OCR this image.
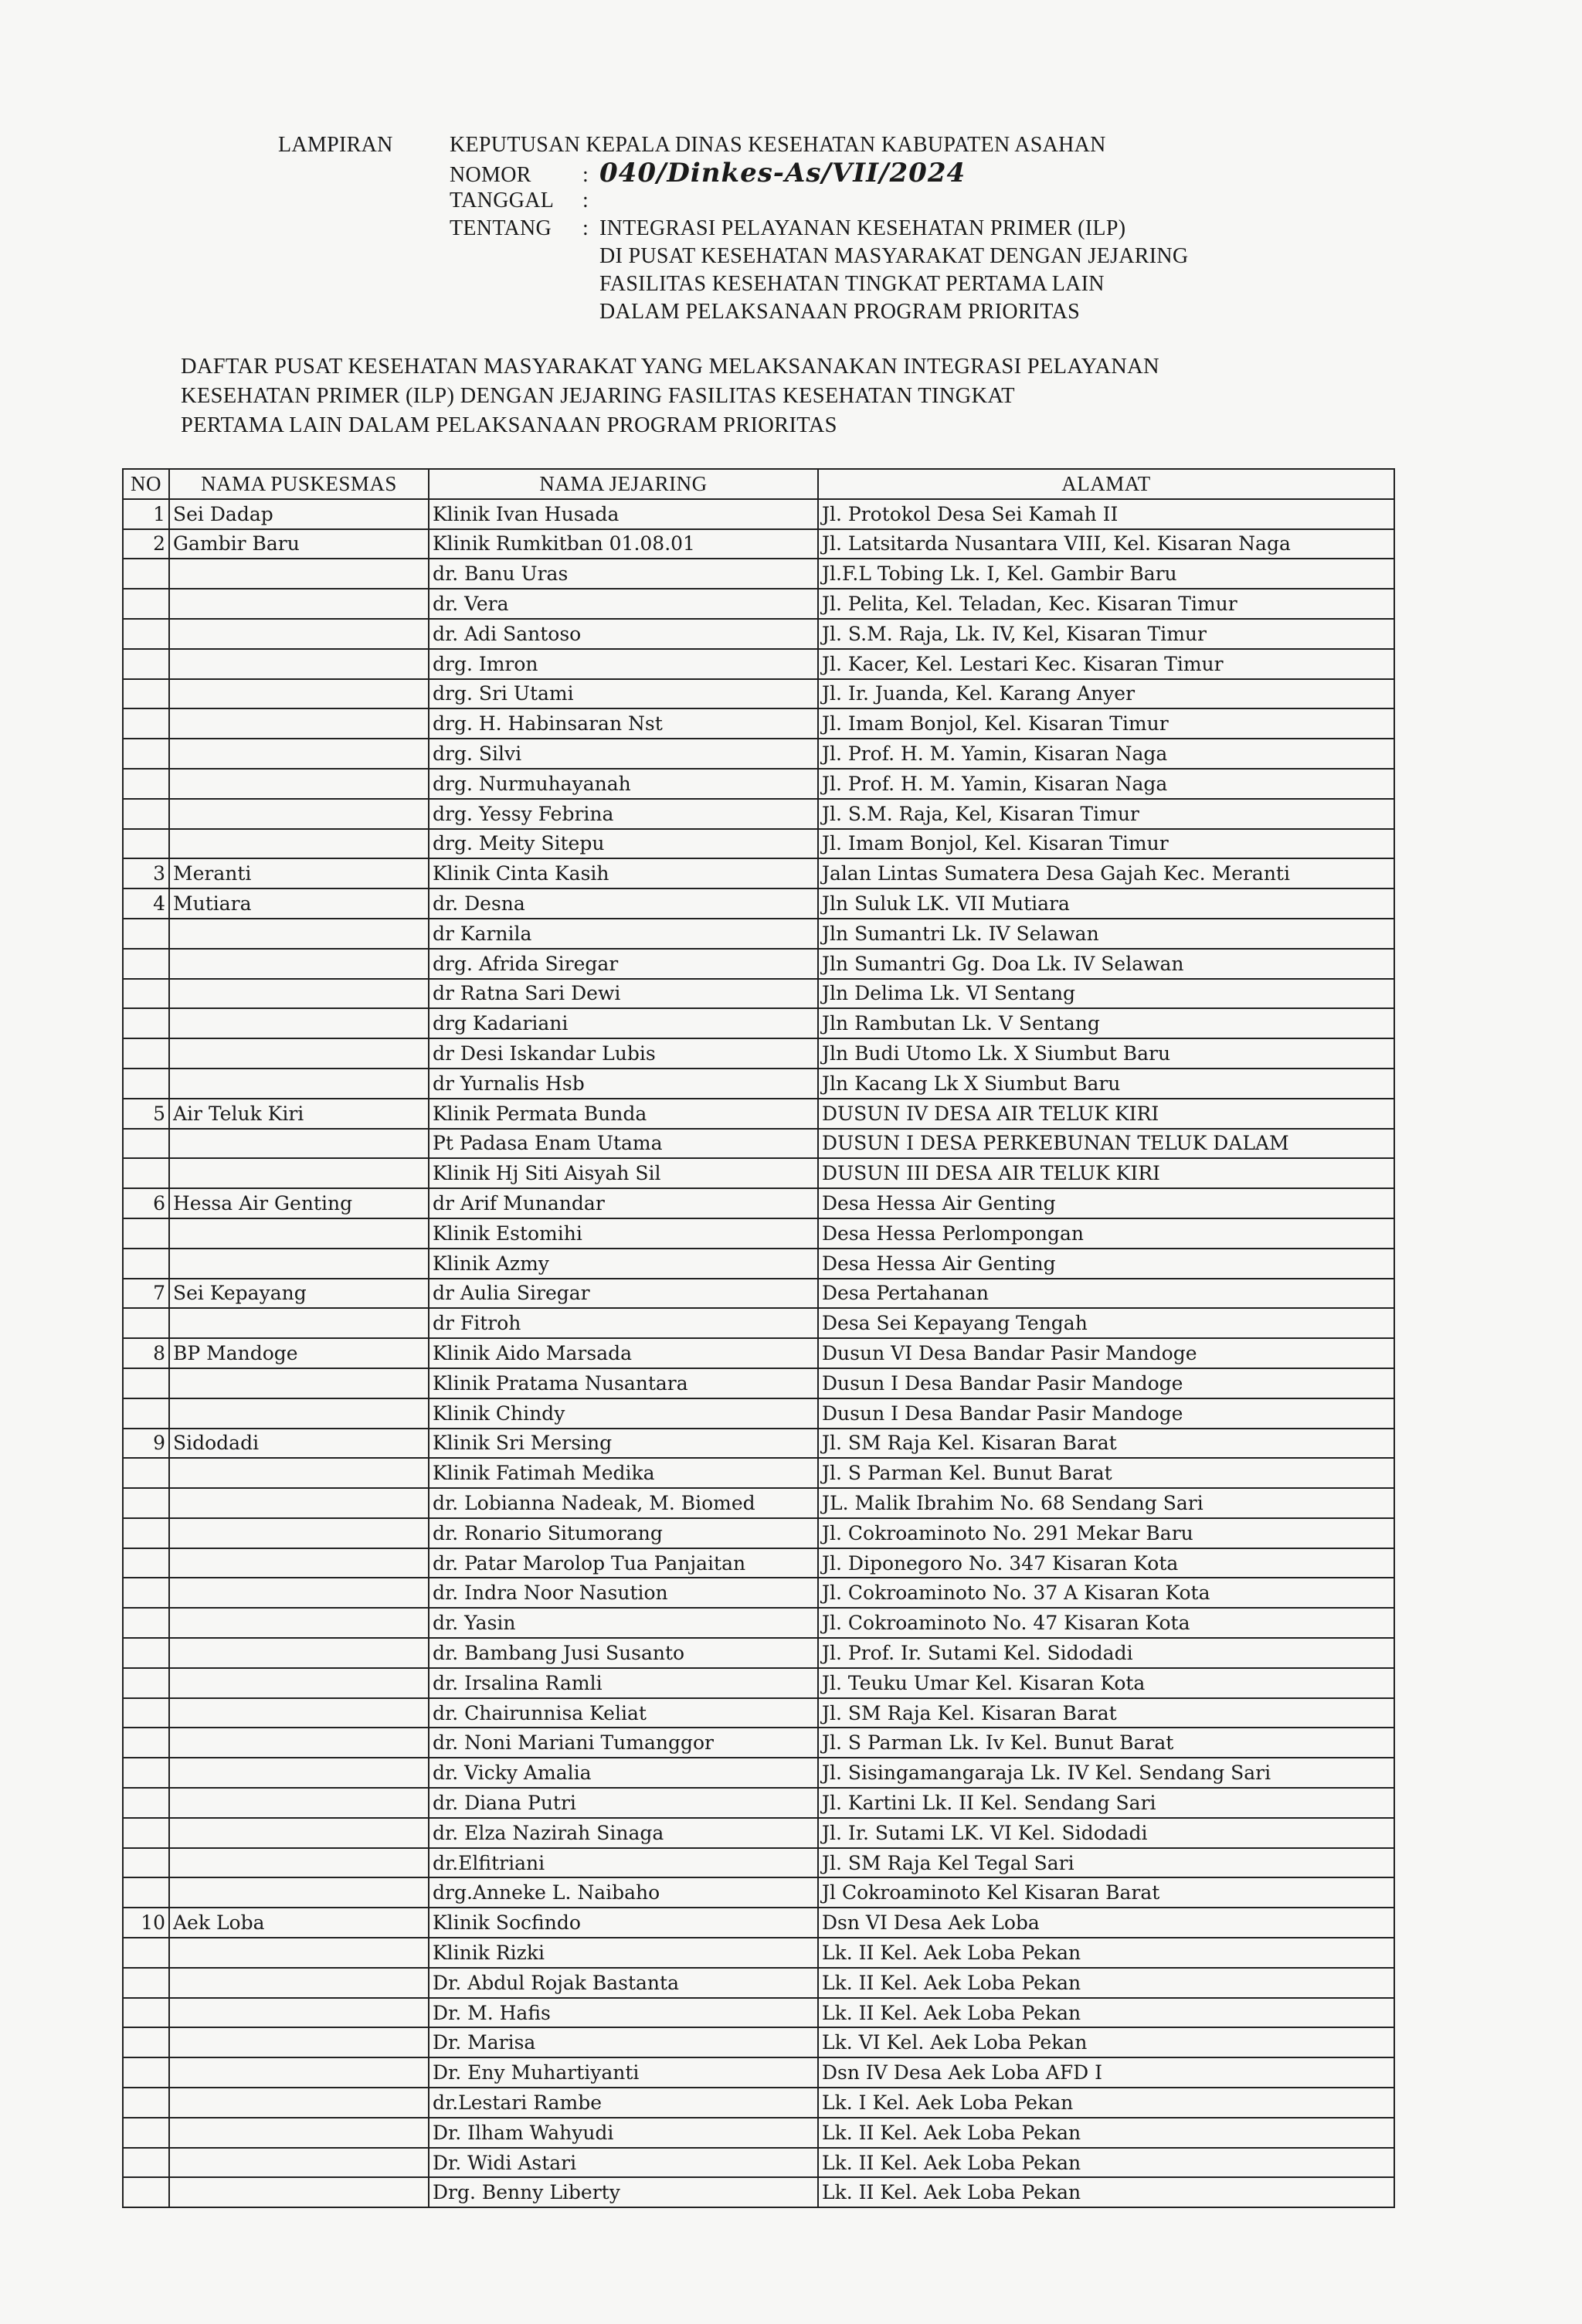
LAMPIRAN	KEPUTUSAN KEPALA DINAS KESEHATAN KABUPATEN ASAHAN
NOMOR : 040/Dinkes-As/VII/2024
TANGGAL :
TENTANG : INTEGRASI PELAYANAN KESEHATAN PRIMER (ILP)
DI PUSAT KESEHATAN MASYARAKAT DENGAN JEJARING
FASILITAS KESEHATAN TINGKAT PERTAMA LAIN
DALAM PELAKSANAAN PROGRAM PRIORITAS
DAFTAR PUSAT KESEHATAN MASYARAKAT YANG MELAKSANAKAN INTEGRASI PELAYANAN
KESEHATAN PRIMER (ILP) DENGAN JEJARING FASILITAS KESEHATAN TINGKAT
PERTAMA LAIN DALAM PELAKSANAAN PROGRAM PRIORITAS
NO	NAMA PUSKESMAS	NAMA JEJARING	ALAMAT
1	Sei Dadap	Klinik Ivan Husada	Jl. Protokol Desa Sei Kamah II
2	Gambir Baru	Klinik Rumkitban 01.08.01	Jl. Latsitarda Nusantara VIII, Kel. Kisaran Naga
		dr. Banu Uras	Jl.F.L Tobing Lk. I, Kel. Gambir Baru
		dr. Vera	Jl. Pelita, Kel. Teladan, Kec. Kisaran Timur
		dr. Adi Santoso	Jl. S.M. Raja, Lk. IV, Kel, Kisaran Timur
		drg. Imron	Jl. Kacer, Kel. Lestari Kec. Kisaran Timur
		drg. Sri Utami	Jl. Ir. Juanda, Kel. Karang Anyer
		drg. H. Habinsaran Nst	Jl. Imam Bonjol, Kel. Kisaran Timur
		drg. Silvi	Jl. Prof. H. M. Yamin, Kisaran Naga
		drg. Nurmuhayanah	Jl. Prof. H. M. Yamin, Kisaran Naga
		drg. Yessy Febrina	Jl. S.M. Raja, Kel, Kisaran Timur
		drg. Meity Sitepu	Jl. Imam Bonjol, Kel. Kisaran Timur
3	Meranti	Klinik Cinta Kasih	Jalan Lintas Sumatera Desa Gajah Kec. Meranti
4	Mutiara	dr. Desna	Jln Suluk LK. VII Mutiara
		dr Karnila	Jln Sumantri Lk. IV Selawan
		drg. Afrida Siregar	Jln Sumantri Gg. Doa Lk. IV Selawan
		dr Ratna Sari Dewi	Jln Delima Lk. VI Sentang
		drg Kadariani	Jln Rambutan Lk. V Sentang
		dr Desi Iskandar Lubis	Jln Budi Utomo Lk. X Siumbut Baru
		dr Yurnalis Hsb	Jln Kacang Lk X Siumbut Baru
5	Air Teluk Kiri	Klinik Permata Bunda	DUSUN IV DESA AIR TELUK KIRI
		Pt Padasa Enam Utama	DUSUN I DESA PERKEBUNAN TELUK DALAM
		Klinik Hj Siti Aisyah Sil	DUSUN III DESA AIR TELUK KIRI
6	Hessa Air Genting	dr Arif Munandar	Desa Hessa Air Genting
		Klinik Estomihi	Desa Hessa Perlompongan
		Klinik Azmy	Desa Hessa Air Genting
7	Sei Kepayang	dr Aulia Siregar	Desa Pertahanan
		dr Fitroh	Desa Sei Kepayang Tengah
8	BP Mandoge	Klinik Aido Marsada	Dusun VI Desa Bandar Pasir Mandoge
		Klinik Pratama Nusantara	Dusun I Desa Bandar Pasir Mandoge
		Klinik Chindy	Dusun I Desa Bandar Pasir Mandoge
9	Sidodadi	Klinik Sri Mersing	Jl. SM Raja Kel. Kisaran Barat
		Klinik Fatimah Medika	Jl. S Parman Kel. Bunut Barat
		dr. Lobianna Nadeak, M. Biomed	JL. Malik Ibrahim No. 68 Sendang Sari
		dr. Ronario Situmorang	Jl. Cokroaminoto No. 291 Mekar Baru
		dr. Patar Marolop Tua Panjaitan	Jl. Diponegoro No. 347 Kisaran Kota
		dr. Indra Noor Nasution	Jl. Cokroaminoto No. 37 A Kisaran Kota
		dr. Yasin	Jl. Cokroaminoto No. 47 Kisaran Kota
		dr. Bambang Jusi Susanto	Jl. Prof. Ir. Sutami Kel. Sidodadi
		dr. Irsalina Ramli	Jl. Teuku Umar Kel. Kisaran Kota
		dr. Chairunnisa Keliat	Jl. SM Raja Kel. Kisaran Barat
		dr. Noni Mariani Tumanggor	Jl. S Parman Lk. Iv Kel. Bunut Barat
		dr. Vicky Amalia	Jl. Sisingamangaraja Lk. IV Kel. Sendang Sari
		dr. Diana Putri	Jl. Kartini Lk. II Kel. Sendang Sari
		dr. Elza Nazirah Sinaga	Jl. Ir. Sutami LK. VI Kel. Sidodadi
		dr.Elfitriani	Jl. SM Raja Kel Tegal Sari
		drg.Anneke L. Naibaho	Jl Cokroaminoto Kel Kisaran Barat
10	Aek Loba	Klinik Socfindo	Dsn VI Desa Aek Loba
		Klinik Rizki	Lk. II Kel. Aek Loba Pekan
		Dr. Abdul Rojak Bastanta	Lk. II Kel. Aek Loba Pekan
		Dr. M. Hafis	Lk. II Kel. Aek Loba Pekan
		Dr. Marisa	Lk. VI Kel. Aek Loba Pekan
		Dr. Eny Muhartiyanti	Dsn IV Desa Aek Loba AFD I
		dr.Lestari Rambe	Lk. I Kel. Aek Loba Pekan
		Dr. Ilham Wahyudi	Lk. II Kel. Aek Loba Pekan
		Dr. Widi Astari	Lk. II Kel. Aek Loba Pekan
		Drg. Benny Liberty	Lk. II Kel. Aek Loba Pekan
